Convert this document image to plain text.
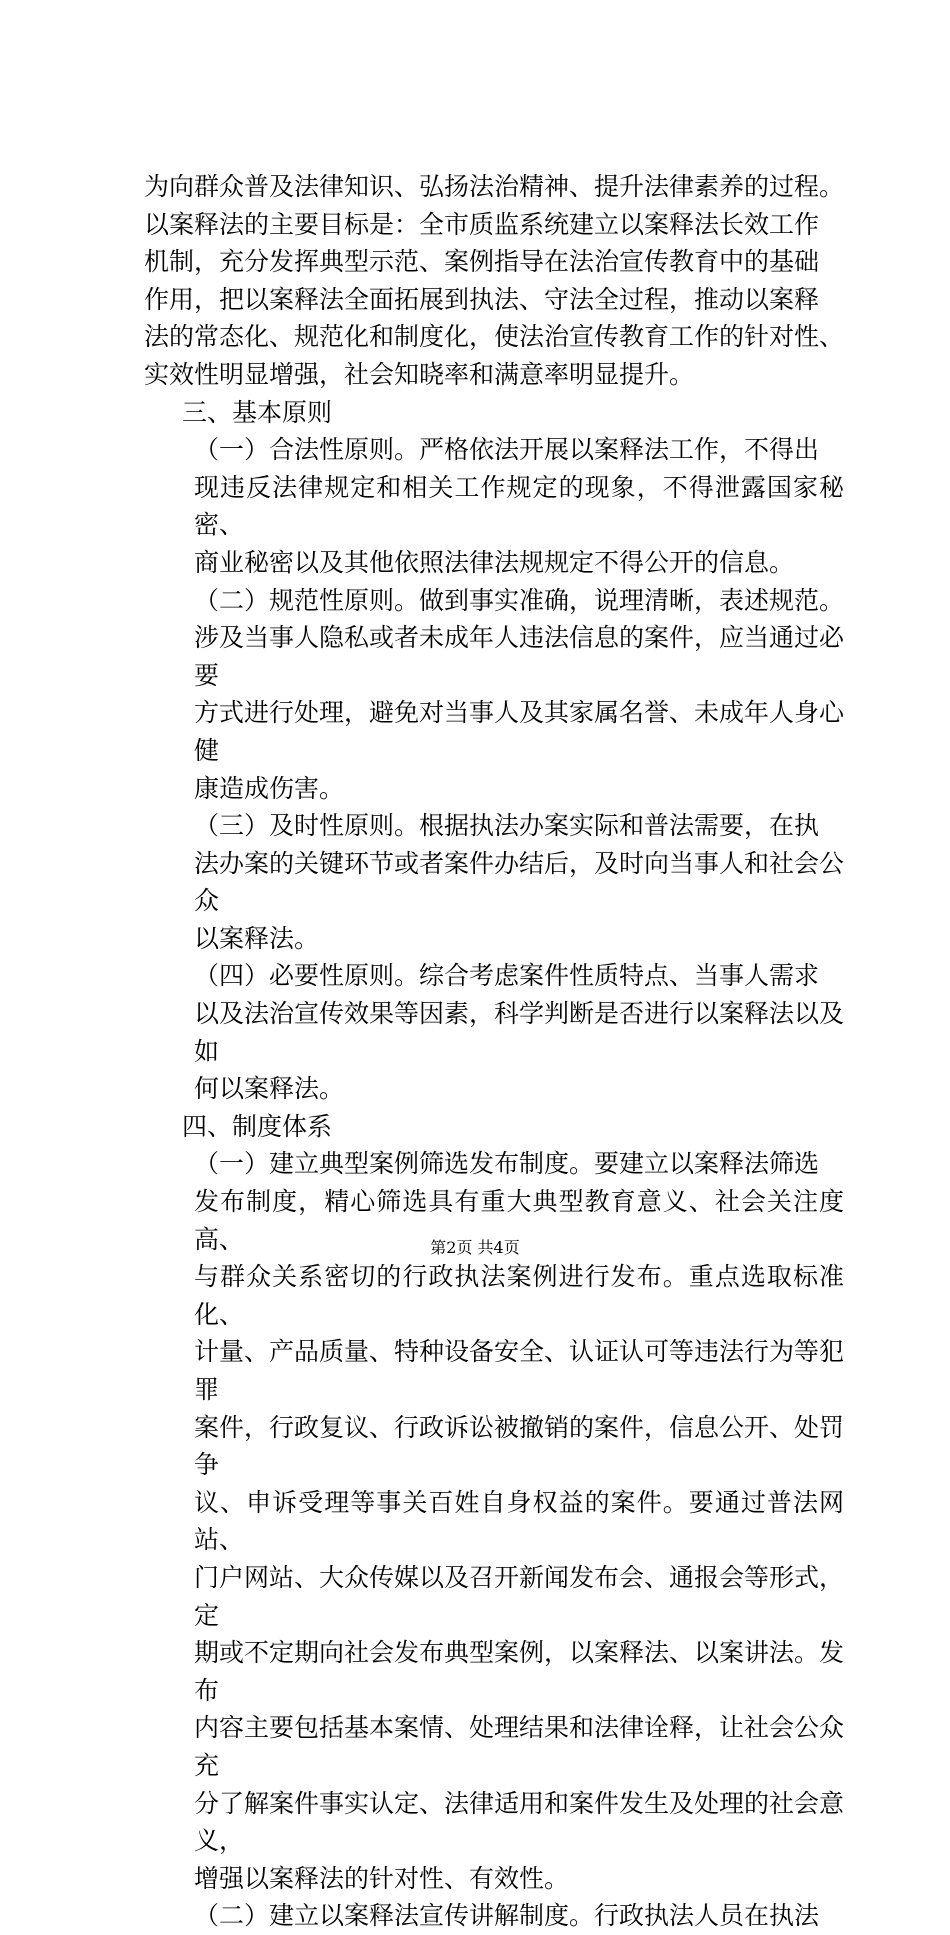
为向群众普及法律知识、弘扬法治精神、提升法律素养的过程。
以案释法的主要目标是：全市质监系统建立以案释法长效工作
机制，充分发挥典型示范、案例指导在法治宣传教育中的基础
作用，把以案释法全面拓展到执法、守法全过程，推动以案释
法的常态化、规范化和制度化，使法治宣传教育工作的针对性、
实效性明显增强，社会知晓率和满意率明显提升。

三、基本原则

（一）合法性原则。严格依法开展以案释法工作，不得出
现违反法律规定和相关工作规定的现象，不得泄露国家秘密、
商业秘密以及其他依照法律法规规定不得公开的信息。

（二）规范性原则。做到事实准确，说理清晰，表述规范。
涉及当事人隐私或者未成年人违法信息的案件，应当通过必要
方式进行处理，避免对当事人及其家属名誉、未成年人身心健
康造成伤害。

（三）及时性原则。根据执法办案实际和普法需要，在执
法办案的关键环节或者案件办结后，及时向当事人和社会公众
以案释法。

（四）必要性原则。综合考虑案件性质特点、当事人需求
以及法治宣传效果等因素，科学判断是否进行以案释法以及如
何以案释法。

四、制度体系

（一）建立典型案例筛选发布制度。要建立以案释法筛选
发布制度，精心筛选具有重大典型教育意义、社会关注度高、
与群众关系密切的行政执法案例进行发布。重点选取标准化、
计量、产品质量、特种设备安全、认证认可等违法行为等犯罪
案件，行政复议、行政诉讼被撤销的案件，信息公开、处罚争
议、申诉受理等事关百姓自身权益的案件。要通过普法网站、
门户网站、大众传媒以及召开新闻发布会、通报会等形式，定
期或不定期向社会发布典型案例，以案释法、以案讲法。发布
内容主要包括基本案情、处理结果和法律诠释，让社会公众充
分了解案件事实认定、法律适用和案件发生及处理的社会意义，
增强以案释法的针对性、有效性。

（二）建立以案释法宣传讲解制度。行政执法人员在执法

第2页 共4页
